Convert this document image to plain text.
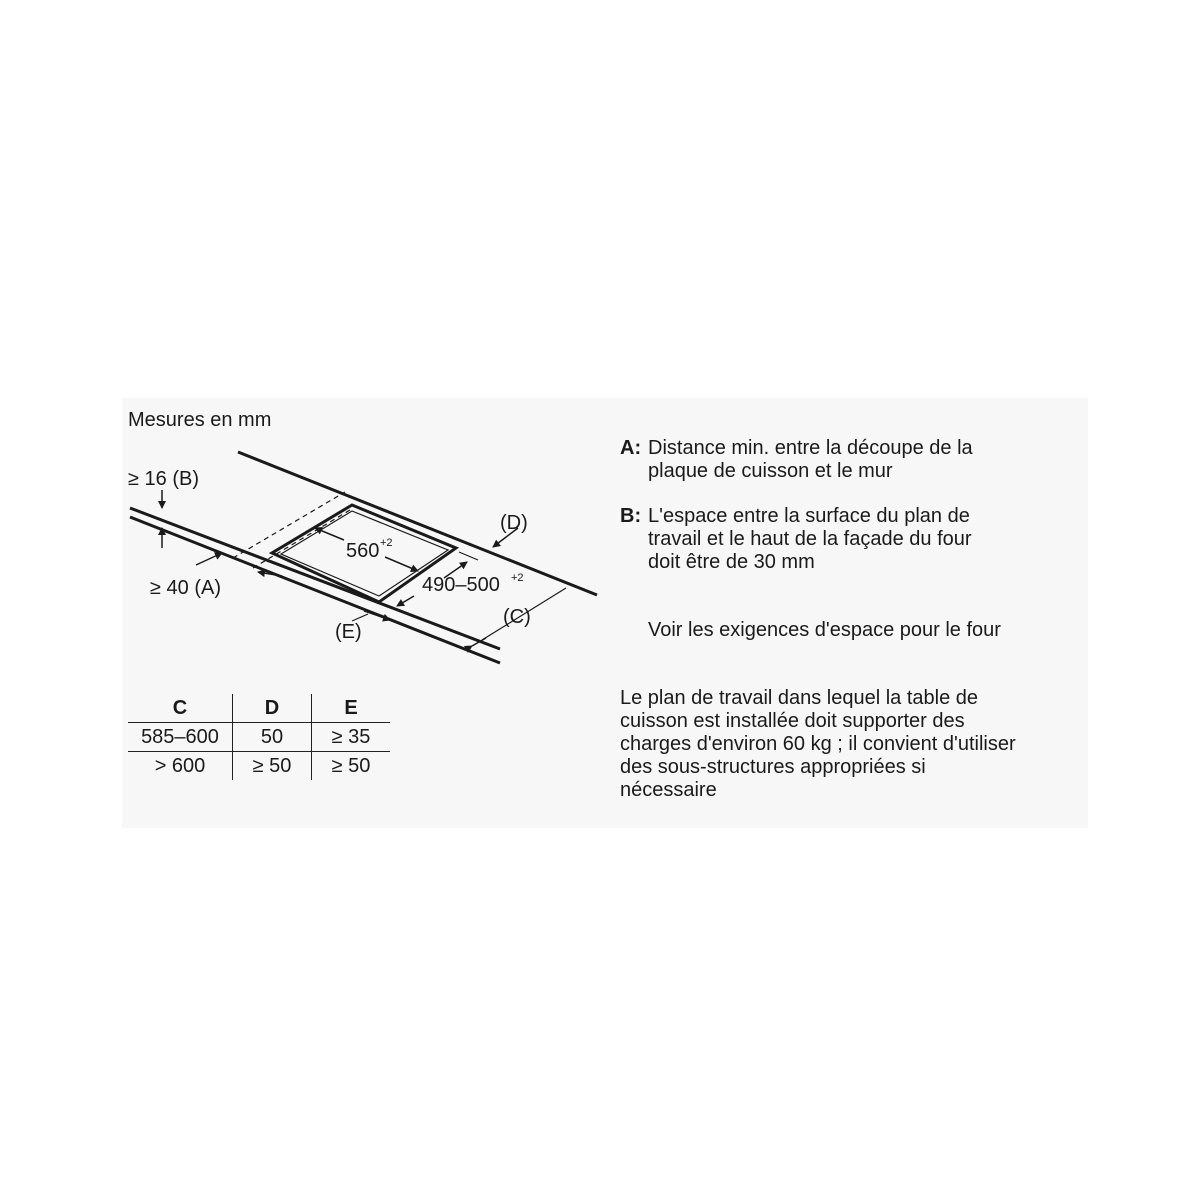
Mesures en mm
≥ 16 (B)
≥ 40 (A)
(D)
(C)
(E)
560 +2
490–500 +2
C	D	E
585–600	50	≥ 35
> 600	≥ 50	≥ 50
A: Distance min. entre la découpe de la
plaque de cuisson et le mur
B: L'espace entre la surface du plan de
travail et le haut de la façade du four
doit être de 30 mm
Voir les exigences d'espace pour le four
Le plan de travail dans lequel la table de
cuisson est installée doit supporter des
charges d'environ 60 kg ; il convient d'utiliser
des sous-structures appropriées si
nécessaire
